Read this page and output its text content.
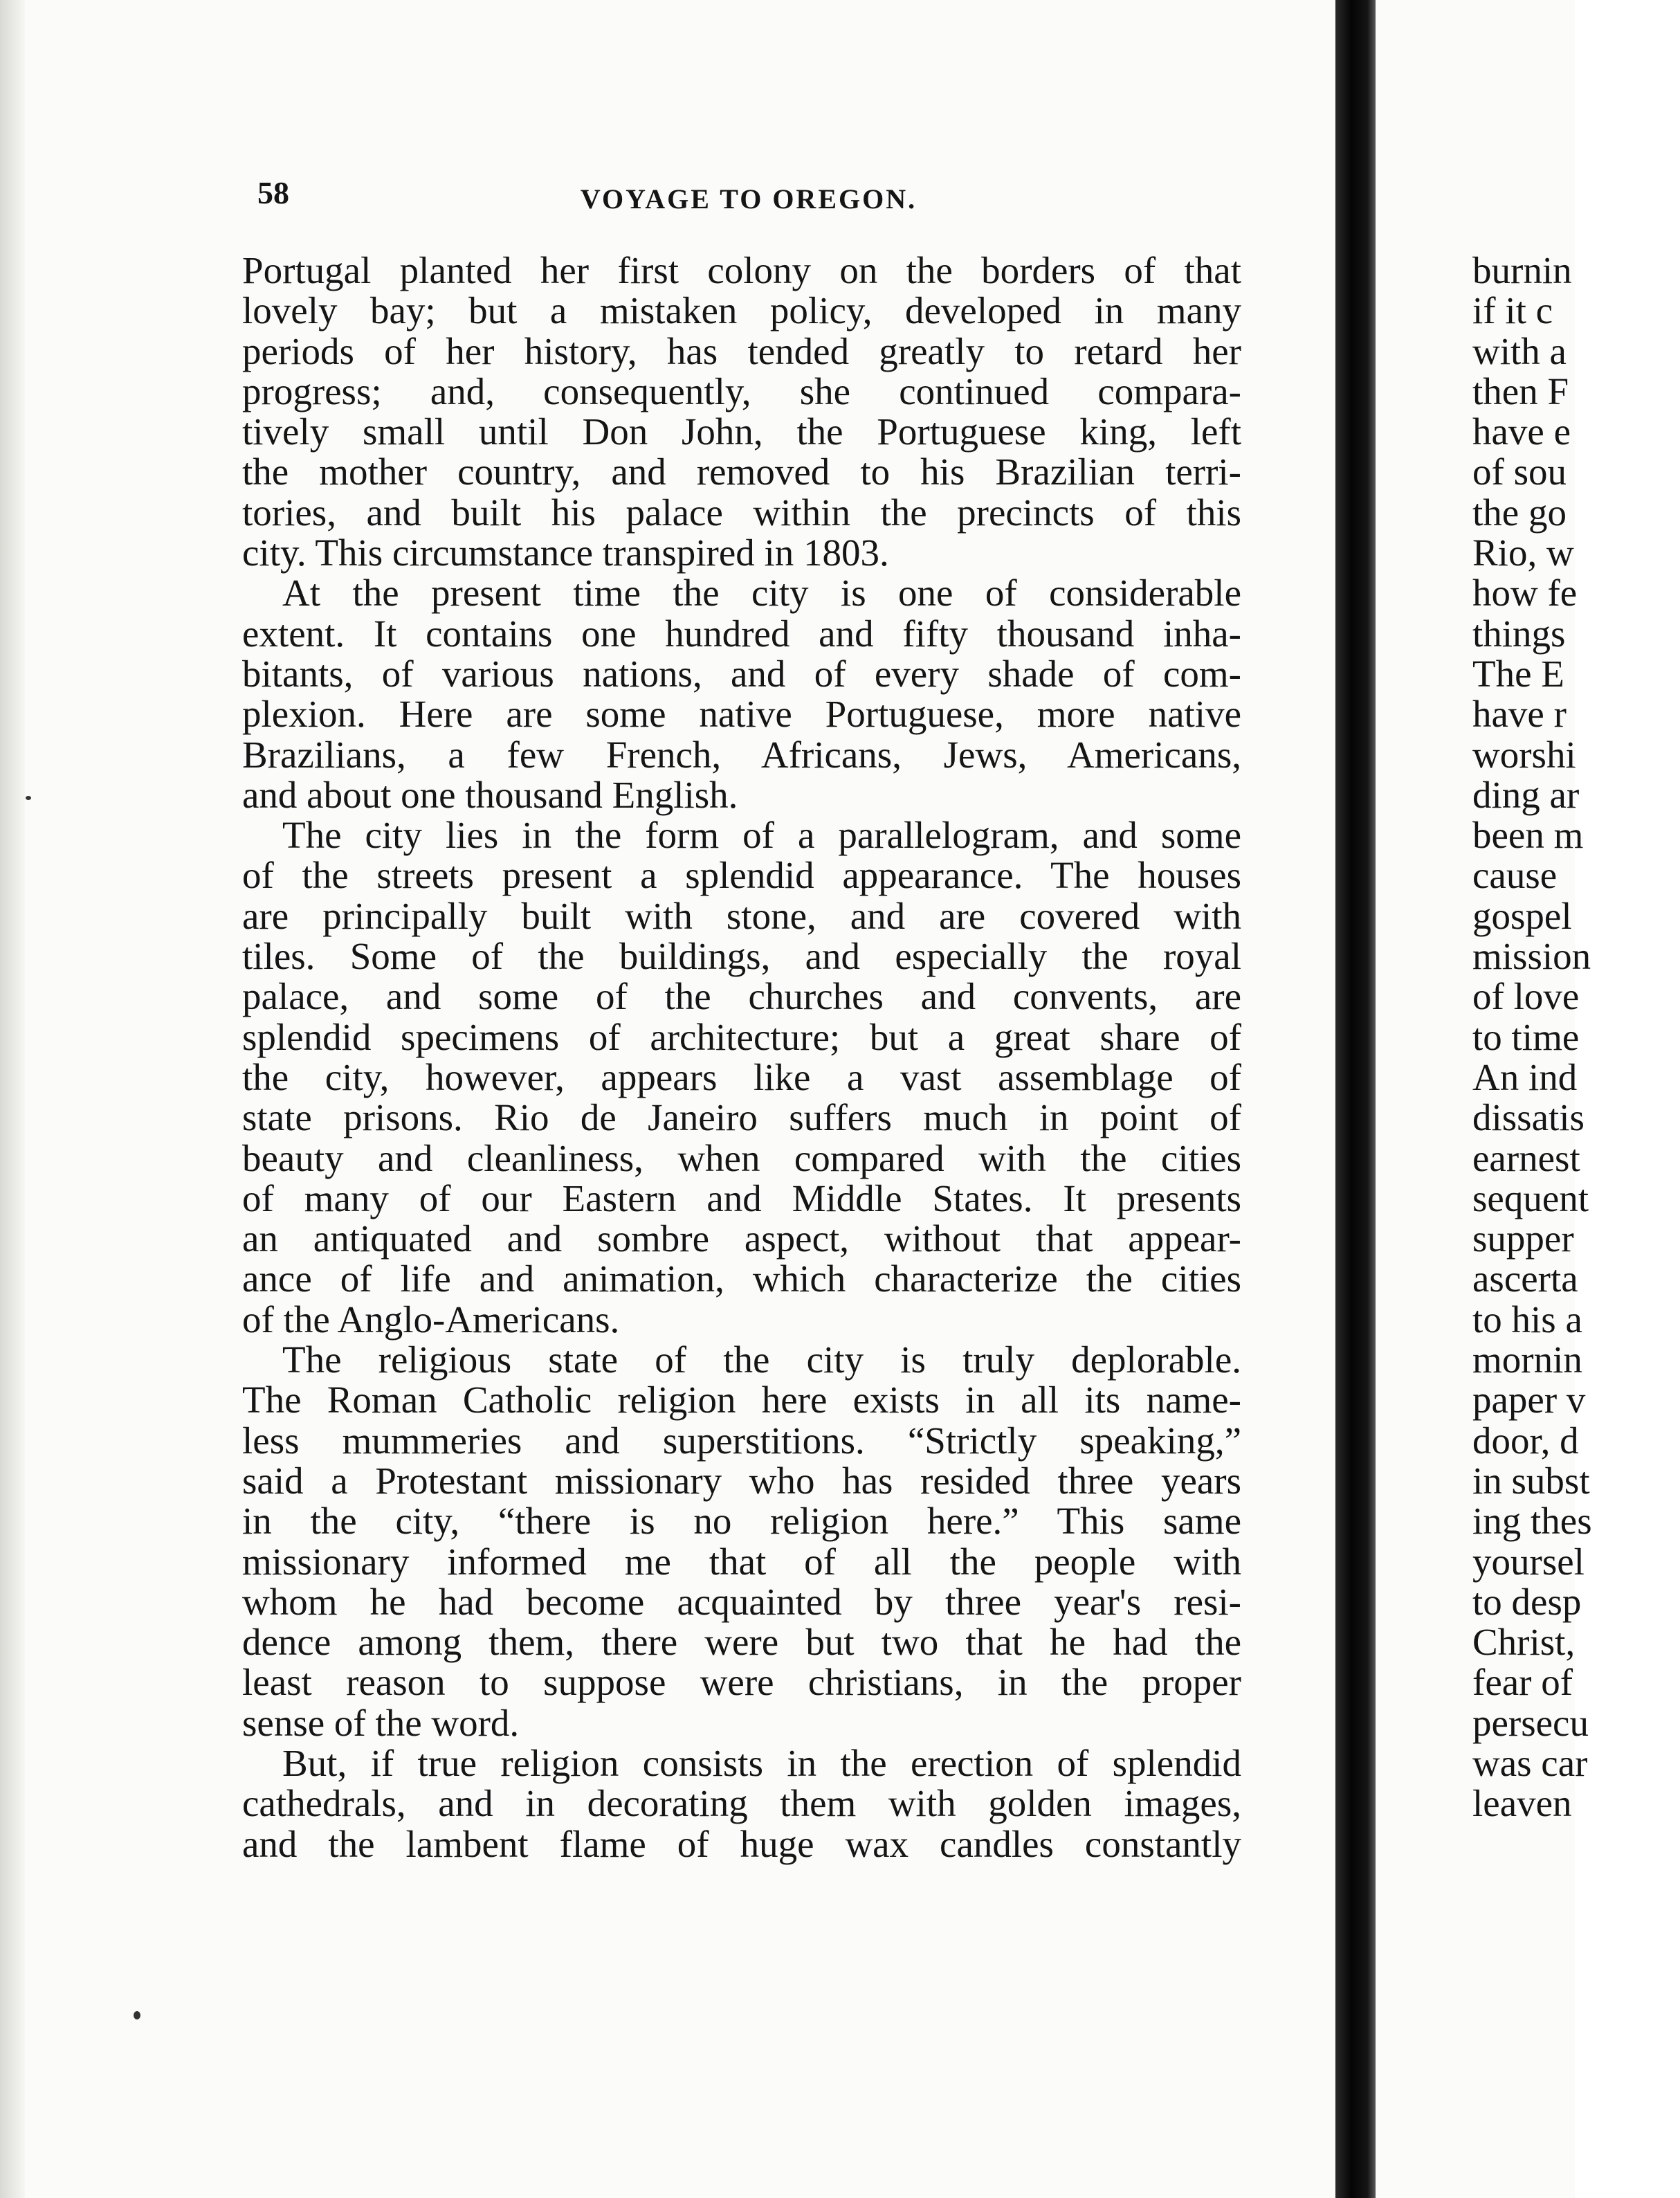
58	VOYAGE TO OREGON.
Portugal planted her first colony on the borders of that
lovely bay; but a mistaken policy, developed in many
periods of her history, has tended greatly to retard her
progress; and, consequently, she continued compara-
tively small until Don John, the Portuguese king, left
the mother country, and removed to his Brazilian terri-
tories, and built his palace within the precincts of this
city. This circumstance transpired in 1803.
At the present time the city is one of considerable
extent. It contains one hundred and fifty thousand inha-
bitants, of various nations, and of every shade of com-
plexion. Here are some native Portuguese, more native
Brazilians, a few French, Africans, Jews, Americans,
and about one thousand English.
The city lies in the form of a parallelogram, and some
of the streets present a splendid appearance. The houses
are principally built with stone, and are covered with
tiles. Some of the buildings, and especially the royal
palace, and some of the churches and convents, are
splendid specimens of architecture; but a great share of
the city, however, appears like a vast assemblage of
state prisons. Rio de Janeiro suffers much in point of
beauty and cleanliness, when compared with the cities
of many of our Eastern and Middle States. It presents
an antiquated and sombre aspect, without that appear-
ance of life and animation, which characterize the cities
of the Anglo-Americans.
The religious state of the city is truly deplorable.
The Roman Catholic religion here exists in all its name-
less mummeries and superstitions. “Strictly speaking,”
said a Protestant missionary who has resided three years
in the city, “there is no religion here.” This same
missionary informed me that of all the people with
whom he had become acquainted by three year's resi-
dence among them, there were but two that he had the
least reason to suppose were christians, in the proper
sense of the word.
But, if true religion consists in the erection of splendid
cathedrals, and in decorating them with golden images,
and the lambent flame of huge wax candles constantly
burnin
if it c
with a
then F
have e
of sou
the go
Rio, w
how fe
things
The E
have r
worshi
ding ar
been m
cause
gospel
mission
of love
to time
An ind
dissatis
earnest
sequent
supper
ascerta
to his a
mornin
paper v
door, d
in subst
ing thes
yoursel
to desp
Christ,
fear of
persecu
was car
leaven
